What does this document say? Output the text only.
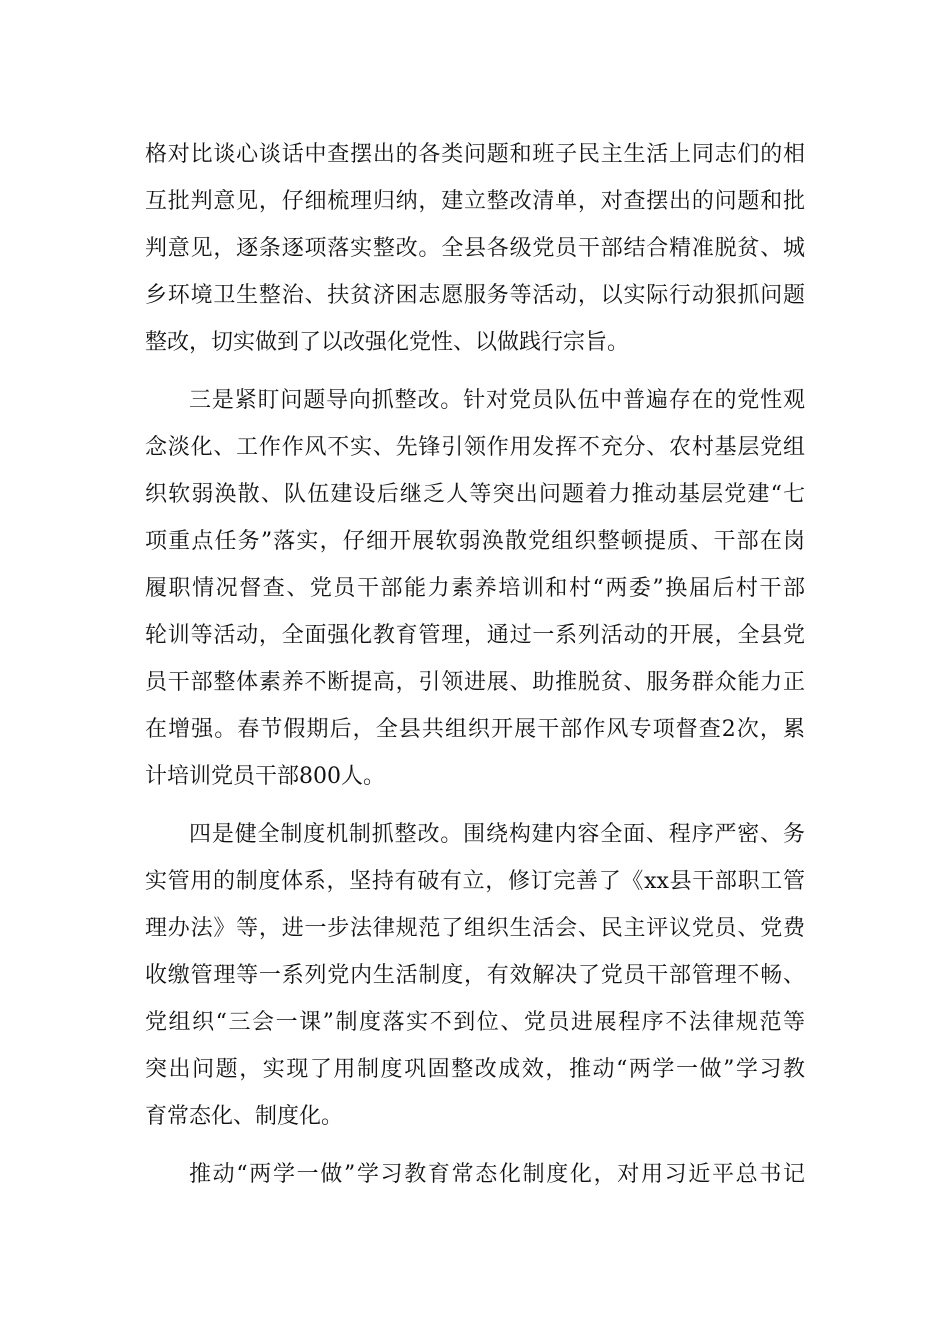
格对比谈心谈话中查摆出的各类问题和班子民主生活上同志们的相
互批判意见，仔细梳理归纳，建立整改清单，对查摆出的问题和批
判意见，逐条逐项落实整改。全县各级党员干部结合精准脱贫、城
乡环境卫生整治、扶贫济困志愿服务等活动，以实际行动狠抓问题
整改，切实做到了以改强化党性、以做践行宗旨。
三是紧盯问题导向抓整改。针对党员队伍中普遍存在的党性观
念淡化、工作作风不实、先锋引领作用发挥不充分、农村基层党组
织软弱涣散、队伍建设后继乏人等突出问题着力推动基层党建“七
项重点任务”落实，仔细开展软弱涣散党组织整顿提质、干部在岗
履职情况督查、党员干部能力素养培训和村“两委”换届后村干部
轮训等活动，全面强化教育管理，通过一系列活动的开展，全县党
员干部整体素养不断提高，引领进展、助推脱贫、服务群众能力正
在增强。春节假期后，全县共组织开展干部作风专项督查2次，累
计培训党员干部800人。
四是健全制度机制抓整改。围绕构建内容全面、程序严密、务
实管用的制度体系，坚持有破有立，修订完善了《xx县干部职工管
理办法》等，进一步法律规范了组织生活会、民主评议党员、党费
收缴管理等一系列党内生活制度，有效解决了党员干部管理不畅、
党组织“三会一课”制度落实不到位、党员进展程序不法律规范等
突出问题，实现了用制度巩固整改成效，推动“两学一做”学习教
育常态化、制度化。
推动“两学一做”学习教育常态化制度化，对用习近平总书记
